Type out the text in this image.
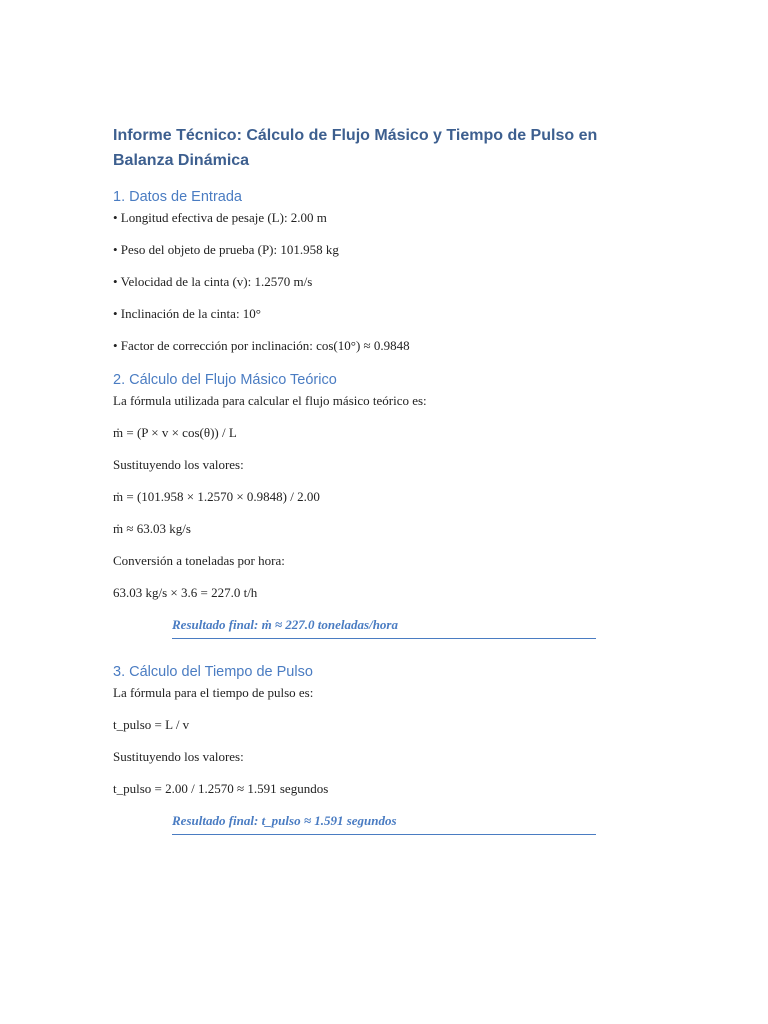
Informe Técnico: Cálculo de Flujo Másico y Tiempo de Pulso en Balanza Dinámica
1. Datos de Entrada
• Longitud efectiva de pesaje (L): 2.00 m
• Peso del objeto de prueba (P): 101.958 kg
• Velocidad de la cinta (v): 1.2570 m/s
• Inclinación de la cinta: 10°
• Factor de corrección por inclinación: cos(10°) ≈ 0.9848
2. Cálculo del Flujo Másico Teórico
La fórmula utilizada para calcular el flujo másico teórico es:
ṁ = (P × v × cos(θ)) / L
Sustituyendo los valores:
ṁ = (101.958 × 1.2570 × 0.9848) / 2.00
ṁ ≈ 63.03 kg/s
Conversión a toneladas por hora:
63.03 kg/s × 3.6 = 227.0 t/h
Resultado final: ṁ ≈ 227.0 toneladas/hora
3. Cálculo del Tiempo de Pulso
La fórmula para el tiempo de pulso es:
t_pulso = L / v
Sustituyendo los valores:
t_pulso = 2.00 / 1.2570 ≈ 1.591 segundos
Resultado final: t_pulso ≈ 1.591 segundos
